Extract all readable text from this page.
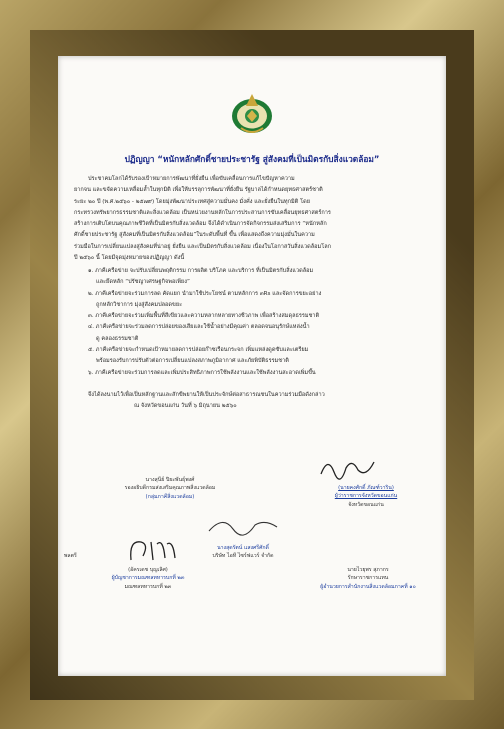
ปฏิญญา “หนักหลักศักดิ์ชายประชารัฐ สู่สังคมที่เป็นมิตรกับสิ่งแวดล้อม”
ประชาคมโลกได้รับรองเป้าหมายการพัฒนาที่ยั่งยืน เพื่อขับเคลื่อนการแก้ไขปัญหาความ
ยากจน และขจัดความเหลื่อมล้ำในทุกมิติ เพื่อให้บรรลุการพัฒนาที่ยั่งยืน รัฐบาลได้กำหนดยุทธศาสตร์ชาติ
ระยะ ๒๐ ปี (พ.ศ.๒๕๖๐ - ๒๕๗๙) โดยมุ่งพัฒนาประเทศสู่ความมั่นคง มั่งคั่ง และยั่งยืนในทุกมิติ โดย
กระทรวงทรัพยากรธรรมชาติและสิ่งแวดล้อม เป็นหน่วยงานหลักในการประสานการขับเคลื่อนยุทธศาสตร์การ
สร้างการเติบโตบนคุณภาพชีวิตที่เป็นมิตรกับสิ่งแวดล้อม จึงได้ดำเนินการจัดกิจกรรมส่งเสริมการ “หนักหลัก
ศักดิ์ชายประชารัฐ สู่สังคมที่เป็นมิตรกับสิ่งแวดล้อม”ในระดับพื้นที่ ขึ้น เพื่อแสดงถึงความมุ่งมั่นในความ
ร่วมมือในการเปลี่ยนแปลงสู่สังคมที่น่าอยู่ ยั่งยืน และเป็นมิตรกับสิ่งแวดล้อม เนื่องในโอกาสวันสิ่งแวดล้อมโลก
ปี ๒๕๖๐ นี้ โดยมีจุดมุ่งหมายของปฏิญญา ดังนี้
๑. ภาคีเครือข่าย จะปรับเปลี่ยนพฤติกรรม การผลิต บริโภค และบริการ ที่เป็นมิตรกับสิ่งแวดล้อม
และยึดหลัก “ปรัชญาเศรษฐกิจพอเพียง”
๒. ภาคีเครือข่ายจะร่วมการลด คัดแยก นำมาใช้ประโยชน์ ตามหลักการ ๓Rs และจัดการขยะอย่าง
ถูกหลักวิชาการ มุ่งสู่สังคมปลอดขยะ
๓. ภาคีเครือข่ายจะร่วมเพิ่มพื้นที่สีเขียวและความหลากหลายทางชีวภาพ เพื่อสร้างสมดุลธรรมชาติ
๔. ภาคีเครือข่ายจะร่วมลดการปล่อยของเสียและใช้น้ำอย่างมีคุณค่า ตลอดจนอนุรักษ์แหล่งน้ำ
ดู คลองธรรมชาติ
๕. ภาคีเครือข่ายจะกำหนดเป้าหมายลดการปล่อยก๊าซเรือนกระจก เพิ่มแหล่งดูดซับและเตรียม
พร้อมรองรับการปรับตัวต่อการเปลี่ยนแปลงสภาพภูมิอากาศ และภัยพิบัติธรรมชาติ
๖. ภาคีเครือข่ายจะร่วมการลดและเพิ่มประสิทธิภาพการใช้พลังงานและใช้พลังงานสะอาดเพิ่มขึ้น
จึงได้ลงนามไว้เพื่อเป็นหลักฐานและสักขีพยานให้เป็นประจักษ์ต่อสาธารณชนในความร่วมมือดังกล่าว
ณ จังหวัดขอนแก่น วันที่ ๖ มิถุนายน ๒๕๖๐
นางสุนีย์ ปิยะพันธ์ุพงศ์
รองอธิบดีกรมส่งเสริมคุณภาพสิ่งแวดล้อม
(กลุ่มภาคีสิ่งแวดล้อม)
(นายคงศักดิ์ ภัณฑ์วาริน)
ผู้ว่าราชการจังหวัดขอนแก่น
จังหวัดขอนแก่น
พลตรี
(อัครเดช บุญเลิศ)
ผู้บัญชาการมณฑลทหารบกที่ ๒๓
มณฑลทหารบกที่ ๒๓
นางสุดรัตน์ แสงศรีศักดิ์
บริษัท ไอที ไซร์ฟแวร์ จำกัด
นายไวยุพร สุภากร
รักษาราชการแทน
ผู้อำนวยการสำนักงานสิ่งแวดล้อมภาคที่ ๑๐
